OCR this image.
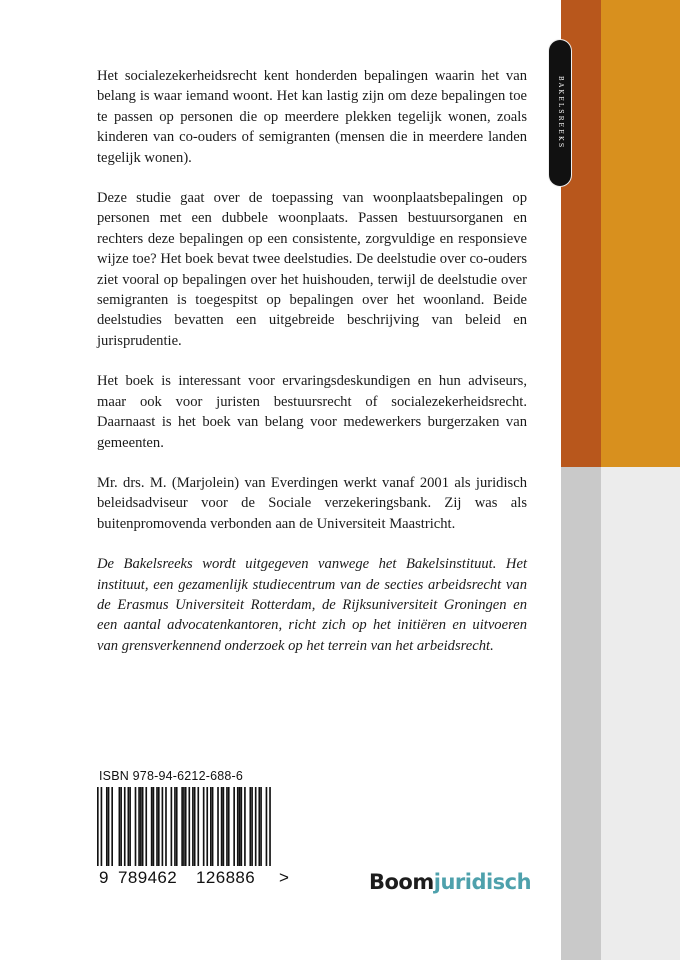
BAKELSREEKS

Het socialezekerheidsrecht kent honderden bepalingen waarin het van belang is waar iemand woont. Het kan lastig zijn om deze bepalingen toe te passen op personen die op meerdere plekken tegelijk wonen, zoals kinderen van co-ouders of semigranten (mensen die in meerdere landen tegelijk wonen).

Deze studie gaat over de toepassing van woonplaatsbepalingen op personen met een dubbele woonplaats. Passen bestuursorganen en rechters deze bepalingen op een consistente, zorgvuldige en responsieve wijze toe? Het boek bevat twee deelstudies. De deelstudie over co-ouders ziet vooral op bepalingen over het huishouden, terwijl de deelstudie over semigranten is toegespitst op bepalingen over het woonland. Beide deelstudies bevatten een uitgebreide beschrijving van beleid en jurisprudentie.

Het boek is interessant voor ervaringsdeskundigen en hun adviseurs, maar ook voor juristen bestuursrecht of socialezekerheidsrecht. Daarnaast is het boek van belang voor medewerkers burgerzaken van gemeenten.

Mr. drs. M. (Marjolein) van Everdingen werkt vanaf 2001 als juridisch beleidsadviseur voor de Sociale verzekeringsbank. Zij was als buitenpromovenda verbonden aan de Universiteit Maastricht.

De Bakelsreeks wordt uitgegeven vanwege het Bakelsinstituut. Het instituut, een gezamenlijk studiecentrum van de secties arbeidsrecht van de Erasmus Universiteit Rotterdam, de Rijksuniversiteit Groningen en een aantal advocatenkantoren, richt zich op het initiëren en uitvoeren van grensverkennend onderzoek op het terrein van het arbeidsrecht.

ISBN 978-94-6212-688-6
9 789462 126886 >	Boomjuridisch
